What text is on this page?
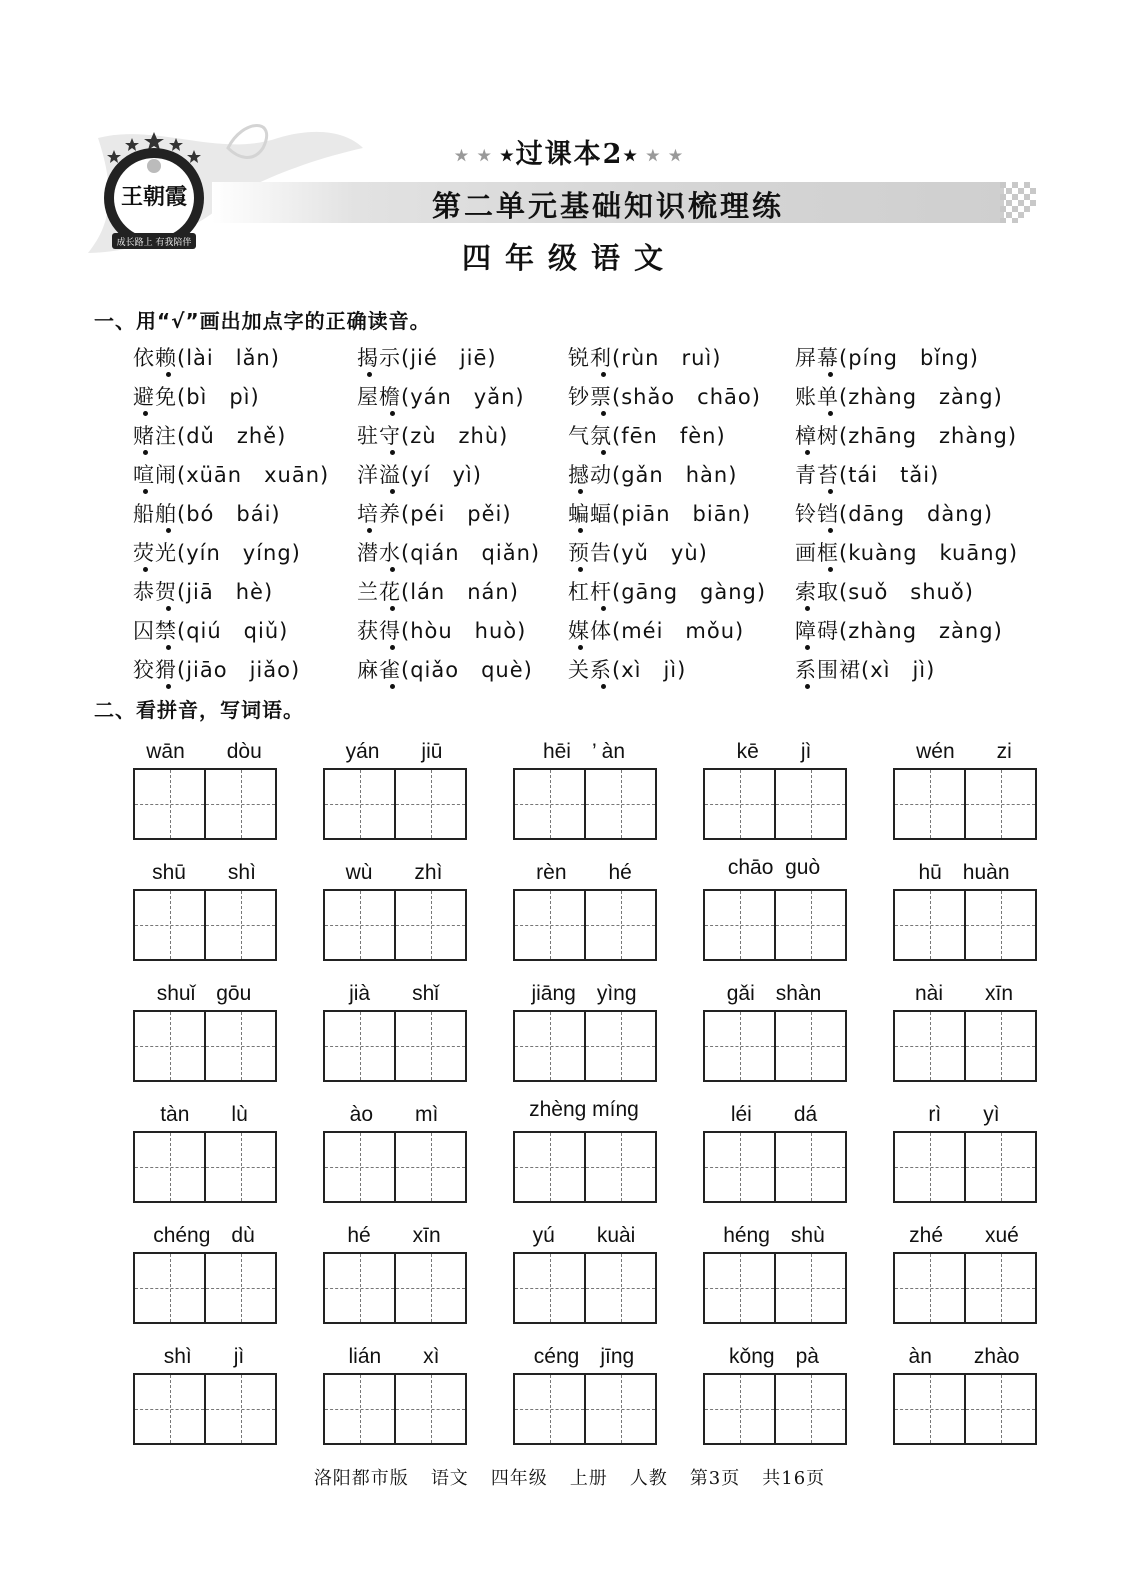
王朝霞
成长路上 有我陪伴
★ ★ ★过课本2★ ★ ★
第二单元基础知识梳理练
四年级语文
一、用“√”画出加点字的正确读音。
依赖(lài　lǎn)	揭示(jié　jiē)	锐利(rùn　ruì)	屏幕(píng　bǐng)
避免(bì　pì)	屋檐(yán　yǎn) 钞票(shǎo　chāo) 账单(zhàng　zàng)
赌注(dǔ　zhě)	驻守(zù　zhù)	气氛(fēn　fèn)	樟树(zhāng　zhàng)
喧闹(xüān　xuān) 洋溢(yí　yì)	撼动(gǎn　hàn)	青苔(tái　tǎi)
船舶(bó　bái)	培养(péi　pěi)	蝙蝠(piān　biān) 铃铛(dāng　dàng)
荧光(yín　yíng)	潜水(qián　qiǎn) 预告(yǔ　yù)	画框(kuàng　kuāng)
恭贺(jiā　hè)	兰花(lán　nán) 杠杆(gāng　gàng) 索取(suǒ　shuǒ)
囚禁(qiú　qiǔ)	获得(hòu　huò) 媒体(méi　mǒu) 障碍(zhàng　zàng)
狡猾(jiāo　jiǎo)	麻雀(qiǎo　què) 关系(xì　jì)	系围裙(xì　jì)
二、看拼音，写词语。
wān　　dòu	yán　　jiū	hēi　’ àn	kē　　jì	wén　　zi
shū　　shì	wù　　zhì	rèn　　hé	chāo  guò	hū　huàn
shuǐ　gōu	jià　　shǐ	jiāng　yìng	gǎi　shàn	nài　　xīn
tàn　　lù	ào　　mì	zhèng míng	léi　　dá	rì　　yì
chéng　dù	hé　　xīn	yú　　kuài	héng　shù	zhé　　xué
shì　　jì	lián　　xì	céng　jīng	kǒng　pà	àn　　zhào
洛阳都市版 语文 四年级 上册 人教 第3页 共16页
